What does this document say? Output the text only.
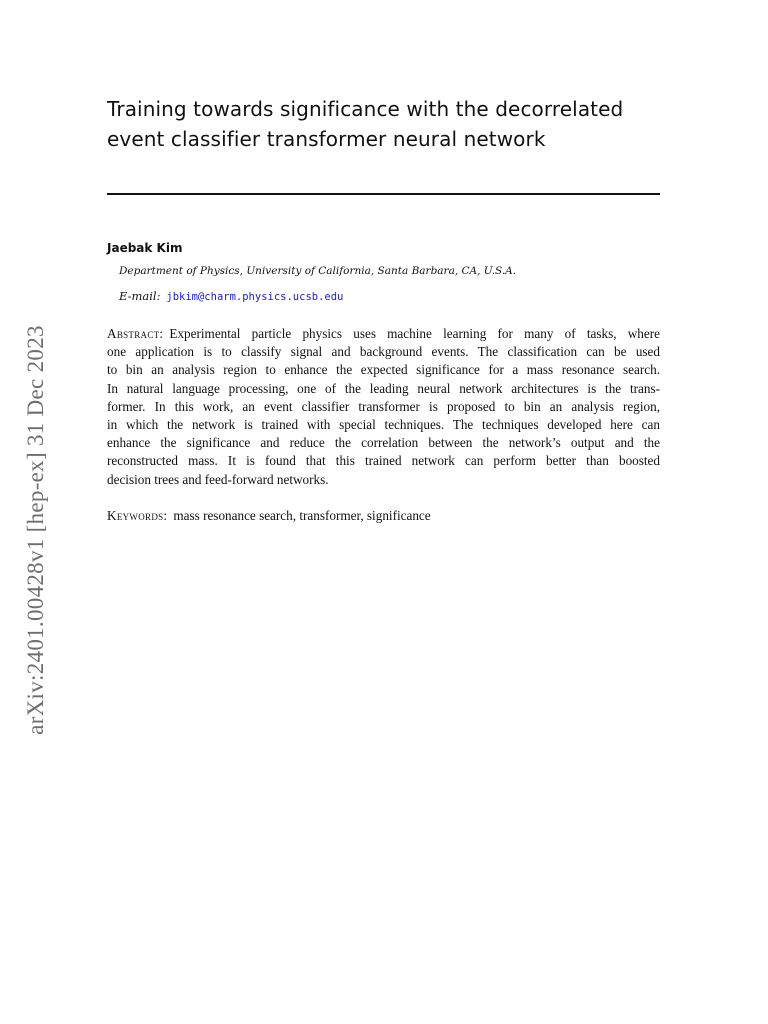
Training towards significance with the decorrelated
event classifier transformer neural network
Jaebak Kim
Department of Physics, University of California, Santa Barbara, CA, U.S.A.
E-mail: jbkim@charm.physics.ucsb.edu
Abstract: Experimental particle physics uses machine learning for many of tasks, where
one application is to classify signal and background events. The classification can be used
to bin an analysis region to enhance the expected significance for a mass resonance search.
In natural language processing, one of the leading neural network architectures is the trans-
former. In this work, an event classifier transformer is proposed to bin an analysis region,
in which the network is trained with special techniques. The techniques developed here can
enhance the significance and reduce the correlation between the network’s output and the
reconstructed mass. It is found that this trained network can perform better than boosted
decision trees and feed-forward networks.
Keywords: mass resonance search, transformer, significance
arXiv:2401.00428v1 [hep-ex] 31 Dec 2023
